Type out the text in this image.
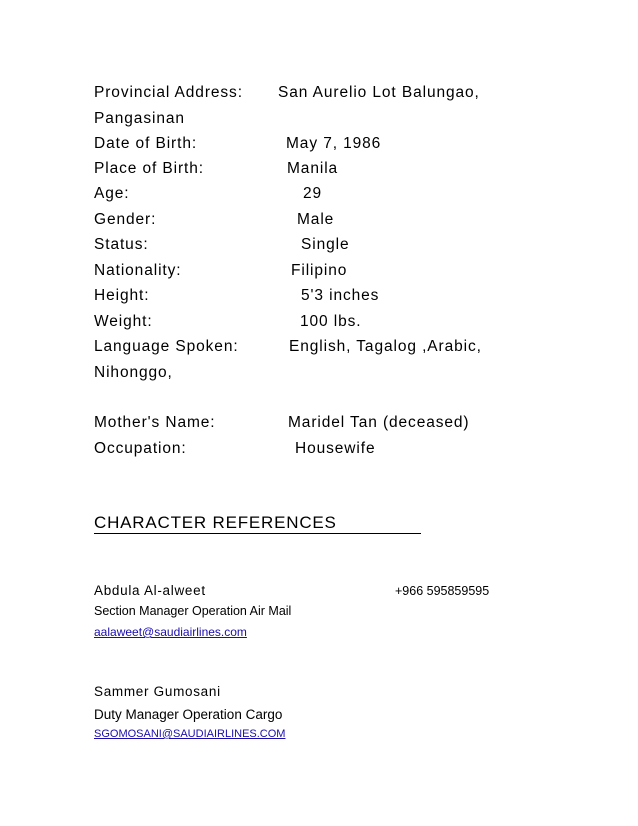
Provincial Address: San Aurelio Lot Balungao,
Pangasinan
Date of Birth:	May 7, 1986
Place of Birth:	Manila
Age:	29
Gender:	Male
Status:	Single
Nationality:	Filipino
Height:	5'3 inches
Weight:	100 lbs.
Language Spoken:	English, Tagalog ,Arabic,
Nihonggo,
Mother's Name:	Maridel Tan (deceased)
Occupation:	Housewife
CHARACTER REFERENCES
Abdula Al-alweet	+966 595859595
Section Manager Operation Air Mail
aalaweet@saudiairlines.com
Sammer Gumosani
Duty Manager Operation Cargo
SGOMOSANI@SAUDIAIRLINES.COM
